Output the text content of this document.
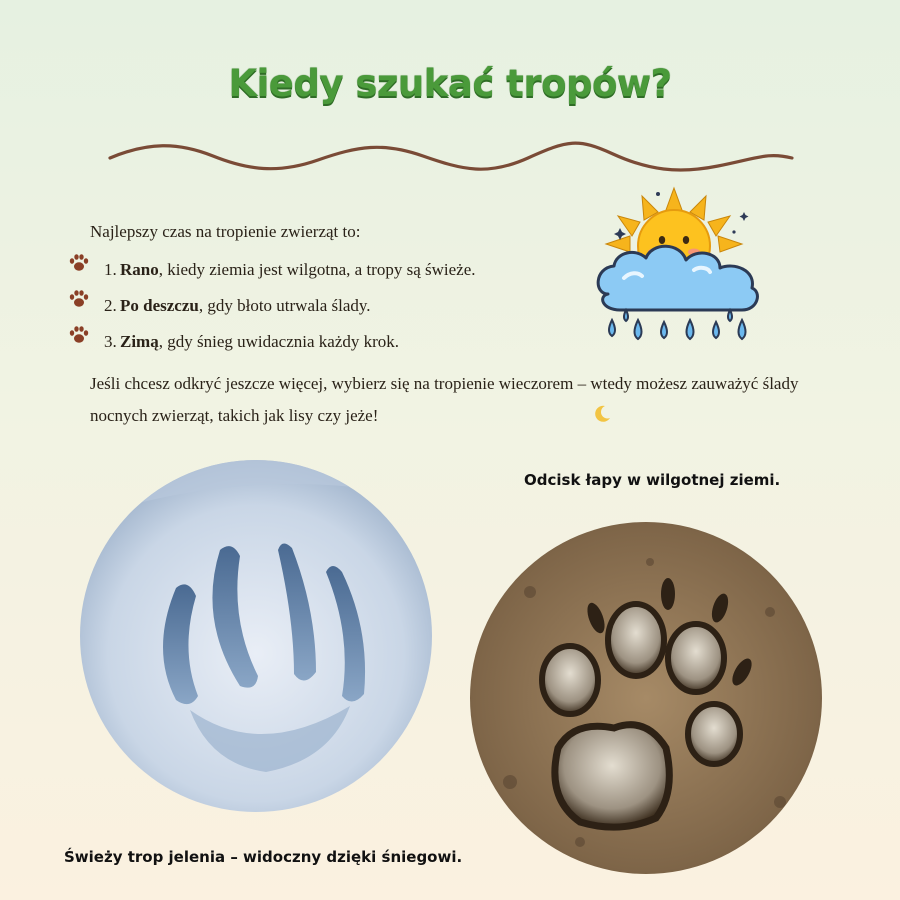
Kiedy szukać tropów?
Najlepszy czas na tropienie zwierząt to:
1. Rano, kiedy ziemia jest wilgotna, a tropy są świeże.
2. Po deszczu, gdy błoto utrwala ślady.
3. Zimą, gdy śnieg uwidacznia każdy krok.
Jeśli chcesz odkryć jeszcze więcej, wybierz się na tropienie wieczorem – wtedy możesz zauważyć ślady nocnych zwierząt, takich jak lisy czy jeże!
Odcisk łapy w wilgotnej ziemi.
Świeży trop jelenia – widoczny dzięki śniegowi.
